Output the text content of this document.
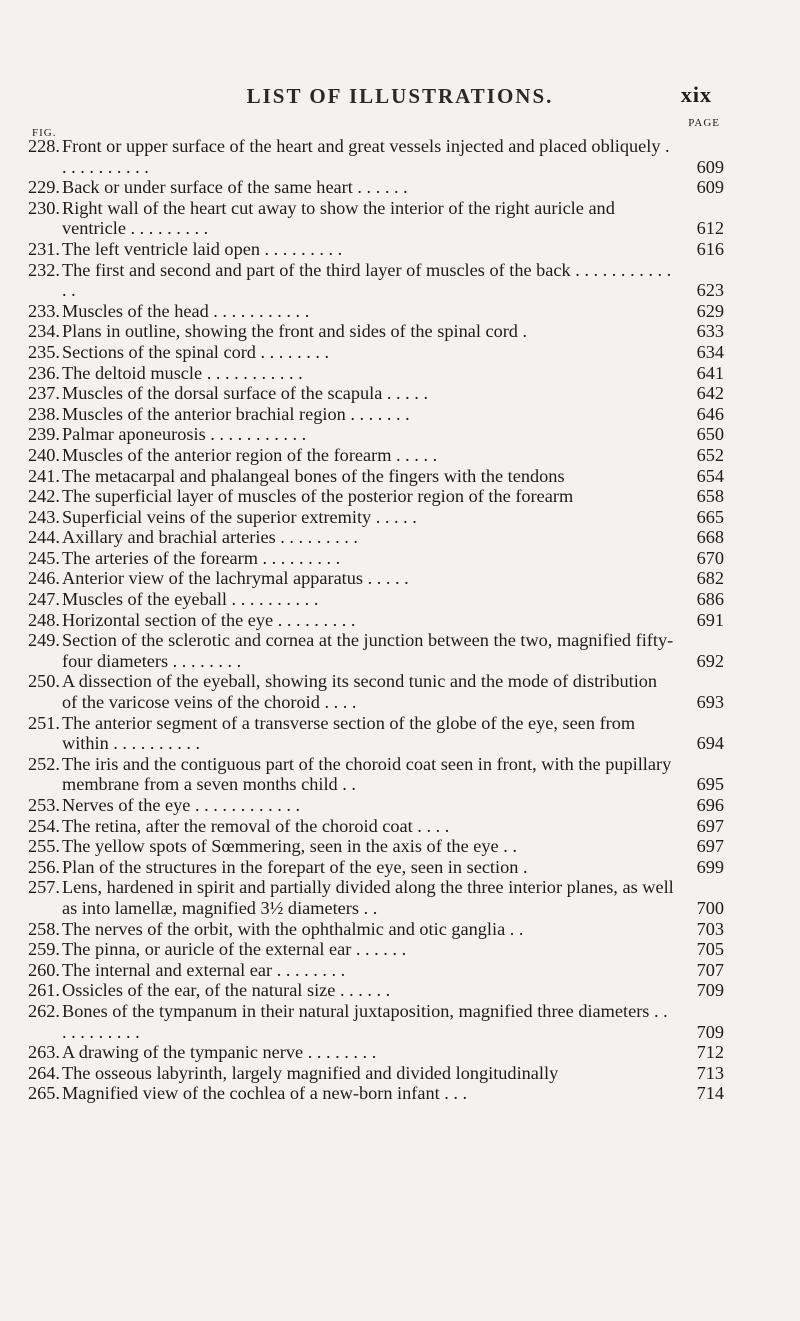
LIST OF ILLUSTRATIONS.	xix
FIG.
PAGE
228. Front or upper surface of the heart and great vessels injected and placed obliquely . . . . . . . . . . .	609
229. Back or under surface of the same heart . . . . . .	609
230. Right wall of the heart cut away to show the interior of the right auricle and ventricle . . . . . . . . .	612
231. The left ventricle laid open . . . . . . . . .	616
232. The first and second and part of the third layer of muscles of the back . . . . . . . . . . . . .	623
233. Muscles of the head . . . . . . . . . . .	629
234. Plans in outline, showing the front and sides of the spinal cord .	633
235. Sections of the spinal cord . . . . . . . .	634
236. The deltoid muscle . . . . . . . . . . .	641
237. Muscles of the dorsal surface of the scapula . . . . .	642
238. Muscles of the anterior brachial region . . . . . . .	646
239. Palmar aponeurosis . . . . . . . . . . .	650
240. Muscles of the anterior region of the forearm . . . . .	652
241. The metacarpal and phalangeal bones of the fingers with the tendons	654
242. The superficial layer of muscles of the posterior region of the forearm	658
243. Superficial veins of the superior extremity . . . . .	665
244. Axillary and brachial arteries . . . . . . . . .	668
245. The arteries of the forearm . . . . . . . . .	670
246. Anterior view of the lachrymal apparatus . . . . .	682
247. Muscles of the eyeball . . . . . . . . . .	686
248. Horizontal section of the eye . . . . . . . . .	691
249. Section of the sclerotic and cornea at the junction between the two, magnified fifty-four diameters . . . . . . . .	692
250. A dissection of the eyeball, showing its second tunic and the mode of distribution of the varicose veins of the choroid . . . .	693
251. The anterior segment of a transverse section of the globe of the eye, seen from within . . . . . . . . . .	694
252. The iris and the contiguous part of the choroid coat seen in front, with the pupillary membrane from a seven months child . .	695
253. Nerves of the eye . . . . . . . . . . . .	696
254. The retina, after the removal of the choroid coat . . . .	697
255. The yellow spots of Sœmmering, seen in the axis of the eye . .	697
256. Plan of the structures in the forepart of the eye, seen in section .	699
257. Lens, hardened in spirit and partially divided along the three interior planes, as well as into lamellæ, magnified 3½ diameters . .	700
258. The nerves of the orbit, with the ophthalmic and otic ganglia . .	703
259. The pinna, or auricle of the external ear . . . . . .	705
260. The internal and external ear . . . . . . . .	707
261. Ossicles of the ear, of the natural size . . . . . .	709
262. Bones of the tympanum in their natural juxtaposition, magnified three diameters . . . . . . . . . . .	709
263. A drawing of the tympanic nerve . . . . . . . .	712
264. The osseous labyrinth, largely magnified and divided longitudinally	713
265. Magnified view of the cochlea of a new-born infant . . .	714
